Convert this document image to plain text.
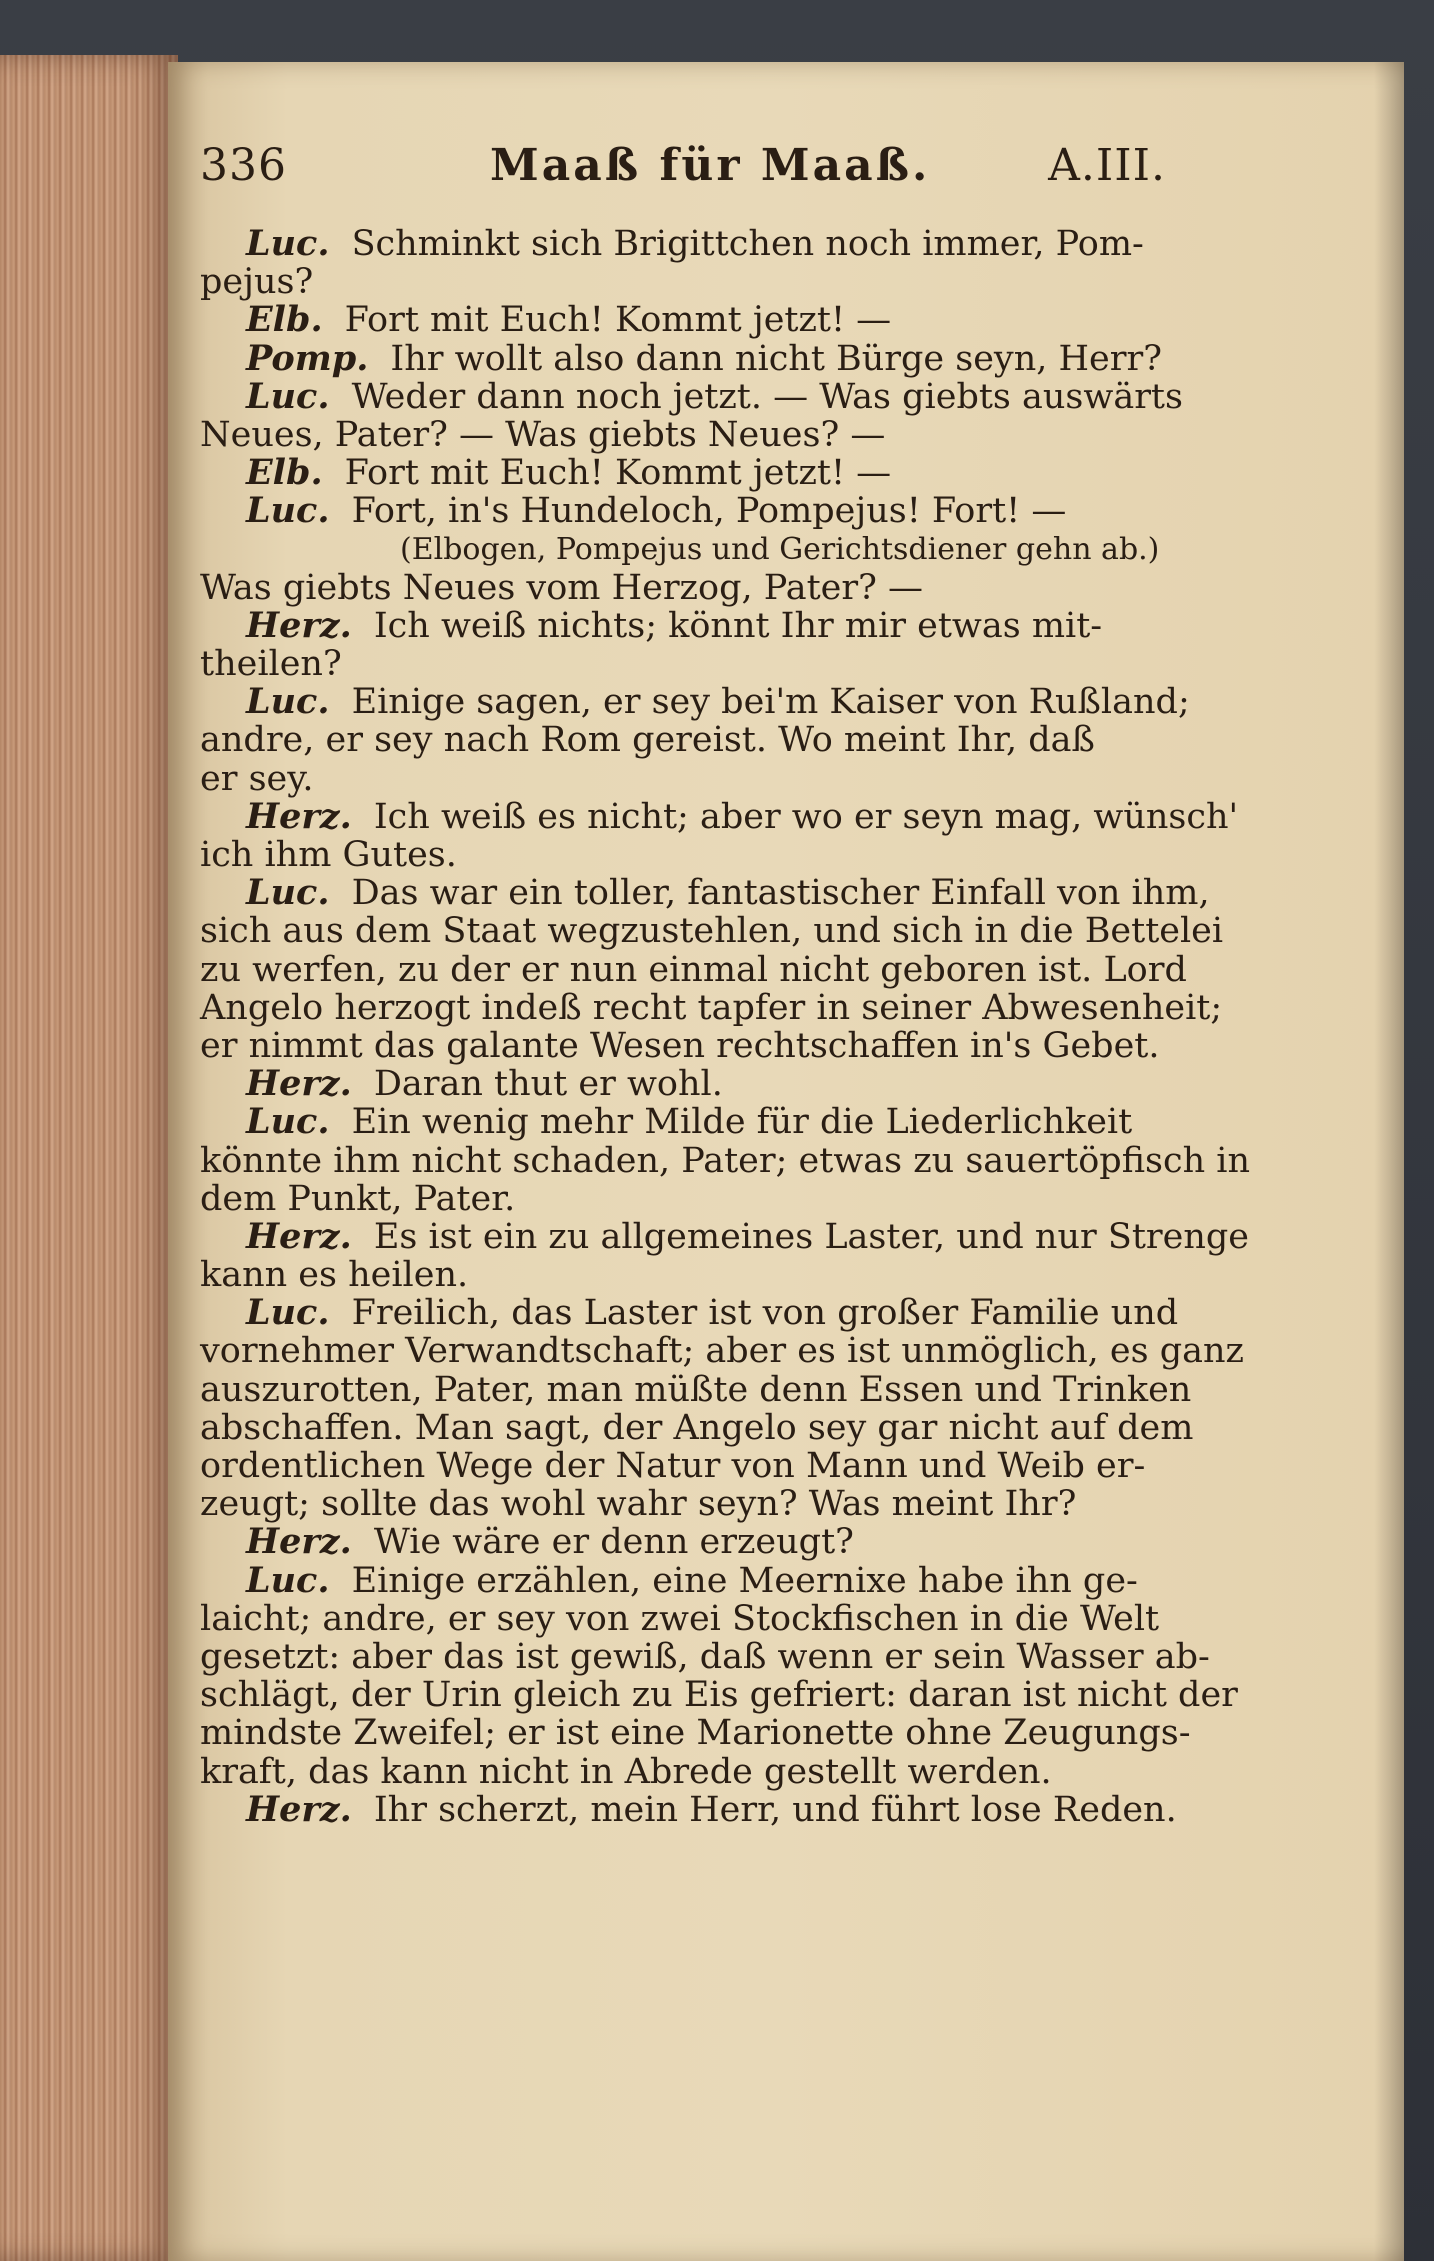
336	Maaß für Maaß.	A.III.
Luc. Schminkt sich Brigittchen noch immer, Pom-
pejus?
Elb. Fort mit Euch! Kommt jetzt! —
Pomp. Ihr wollt also dann nicht Bürge seyn, Herr?
Luc. Weder dann noch jetzt. — Was giebts auswärts
Neues, Pater? — Was giebts Neues? —
Elb. Fort mit Euch! Kommt jetzt! —
Luc. Fort, in's Hundeloch, Pompejus! Fort! —
(Elbogen, Pompejus und Gerichtsdiener gehn ab.)
Was giebts Neues vom Herzog, Pater? —
Herz. Ich weiß nichts; könnt Ihr mir etwas mit-
theilen?
Luc. Einige sagen, er sey bei'm Kaiser von Rußland;
andre, er sey nach Rom gereist. Wo meint Ihr, daß
er sey.
Herz. Ich weiß es nicht; aber wo er seyn mag, wünsch'
ich ihm Gutes.
Luc. Das war ein toller, fantastischer Einfall von ihm,
sich aus dem Staat wegzustehlen, und sich in die Bettelei
zu werfen, zu der er nun einmal nicht geboren ist. Lord
Angelo herzogt indeß recht tapfer in seiner Abwesenheit;
er nimmt das galante Wesen rechtschaffen in's Gebet.
Herz. Daran thut er wohl.
Luc. Ein wenig mehr Milde für die Liederlichkeit
könnte ihm nicht schaden, Pater; etwas zu sauertöpfisch in
dem Punkt, Pater.
Herz. Es ist ein zu allgemeines Laster, und nur Strenge
kann es heilen.
Luc. Freilich, das Laster ist von großer Familie und
vornehmer Verwandtschaft; aber es ist unmöglich, es ganz
auszurotten, Pater, man müßte denn Essen und Trinken
abschaffen. Man sagt, der Angelo sey gar nicht auf dem
ordentlichen Wege der Natur von Mann und Weib er-
zeugt; sollte das wohl wahr seyn? Was meint Ihr?
Herz. Wie wäre er denn erzeugt?
Luc. Einige erzählen, eine Meernixe habe ihn ge-
laicht; andre, er sey von zwei Stockfischen in die Welt
gesetzt: aber das ist gewiß, daß wenn er sein Wasser ab-
schlägt, der Urin gleich zu Eis gefriert: daran ist nicht der
mindste Zweifel; er ist eine Marionette ohne Zeugungs-
kraft, das kann nicht in Abrede gestellt werden.
Herz. Ihr scherzt, mein Herr, und führt lose Reden.
